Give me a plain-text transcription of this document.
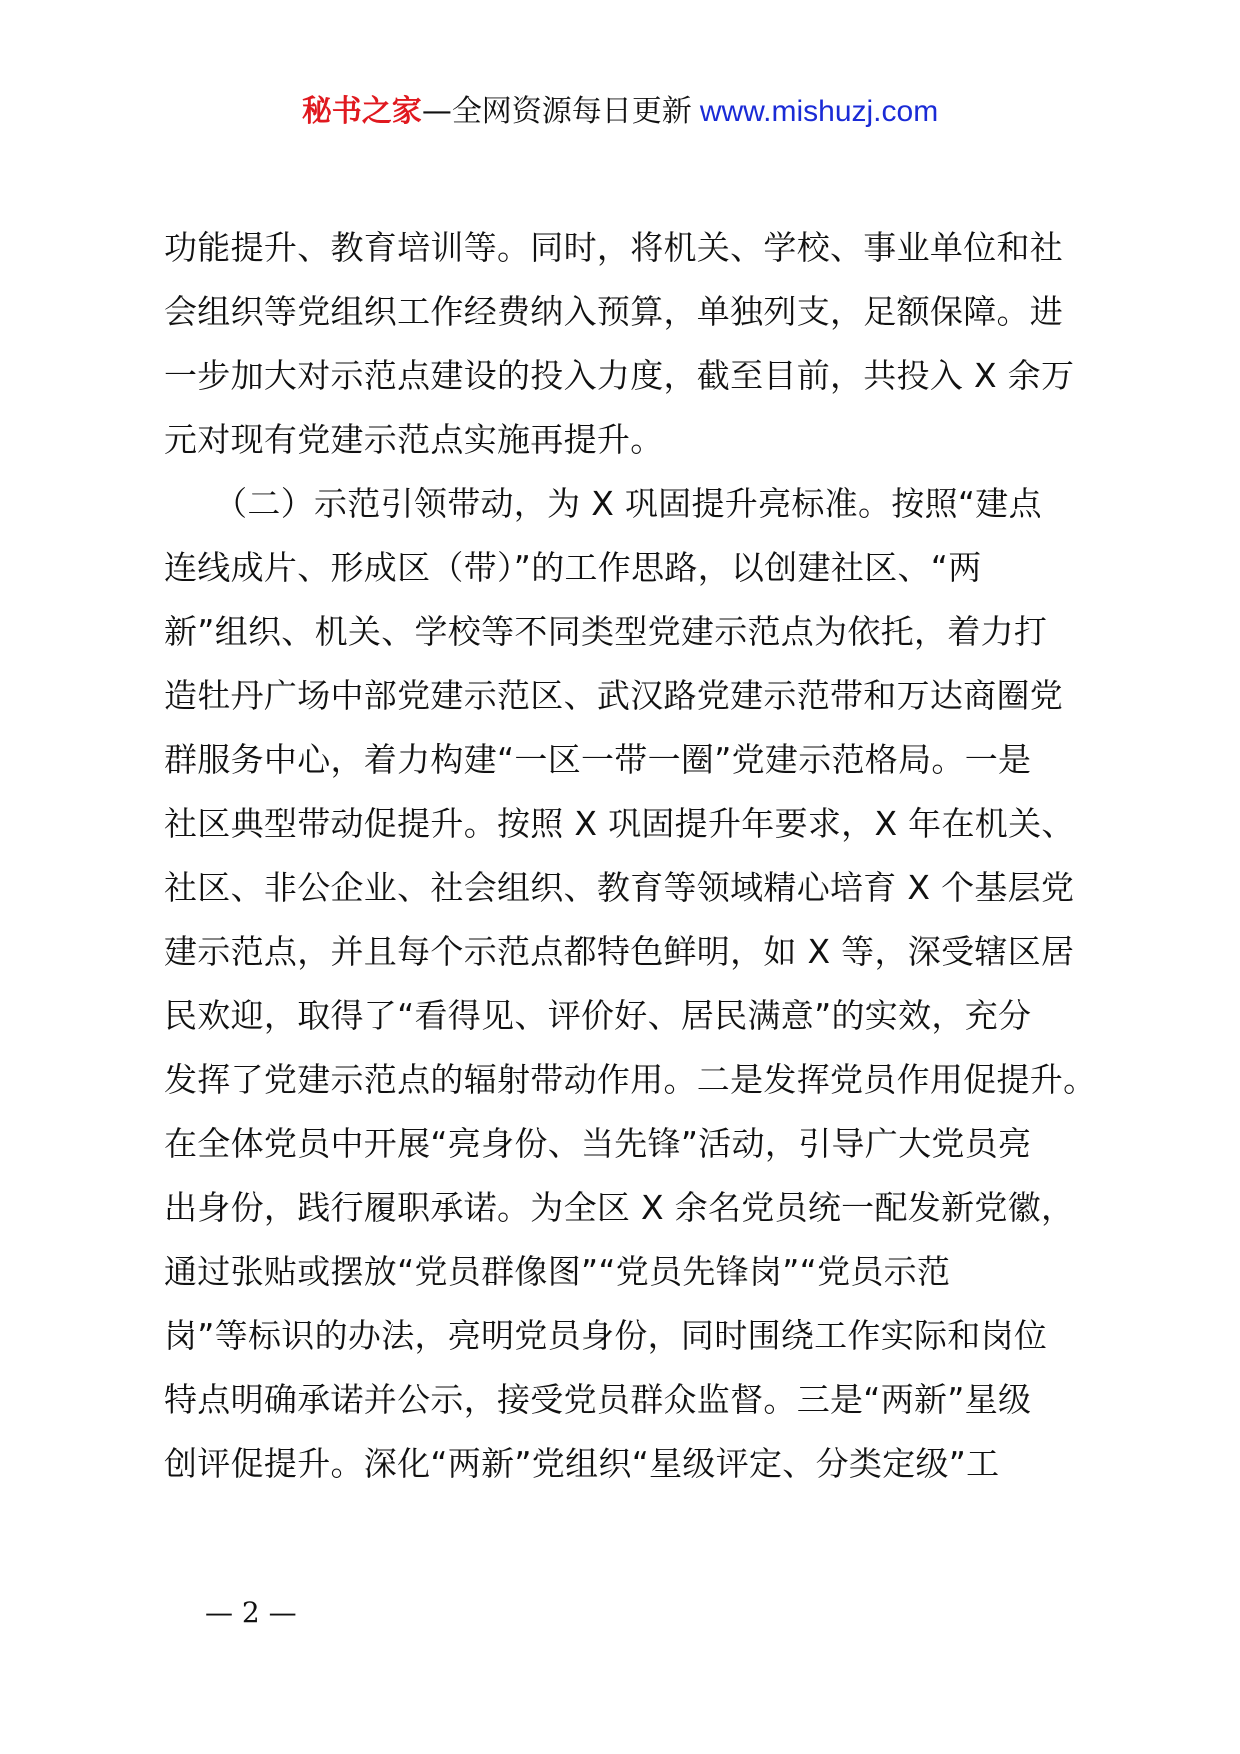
秘书之家—全网资源每日更新 www.mishuzj.com
功能提升、教育培训等。同时，将机关、学校、事业单位和社
会组织等党组织工作经费纳入预算，单独列支，足额保障。进
一步加大对示范点建设的投入力度，截至目前，共投入 X 余万
元对现有党建示范点实施再提升。
　　（二）示范引领带动，为 X 巩固提升亮标准。按照“建点
连线成片、形成区（带）”的工作思路，以创建社区、“两
新”组织、机关、学校等不同类型党建示范点为依托，着力打
造牡丹广场中部党建示范区、武汉路党建示范带和万达商圈党
群服务中心，着力构建“一区一带一圈”党建示范格局。一是
社区典型带动促提升。按照 X 巩固提升年要求，X 年在机关、
社区、非公企业、社会组织、教育等领域精心培育 X 个基层党
建示范点，并且每个示范点都特色鲜明，如 X 等，深受辖区居
民欢迎，取得了“看得见、评价好、居民满意”的实效，充分
发挥了党建示范点的辐射带动作用。二是发挥党员作用促提升。
在全体党员中开展“亮身份、当先锋”活动，引导广大党员亮
出身份，践行履职承诺。为全区 X 余名党员统一配发新党徽，
通过张贴或摆放“党员群像图”“党员先锋岗”“党员示范
岗”等标识的办法，亮明党员身份，同时围绕工作实际和岗位
特点明确承诺并公示，接受党员群众监督。三是“两新”星级
创评促提升。深化“两新”党组织“星级评定、分类定级”工
— 2 —
